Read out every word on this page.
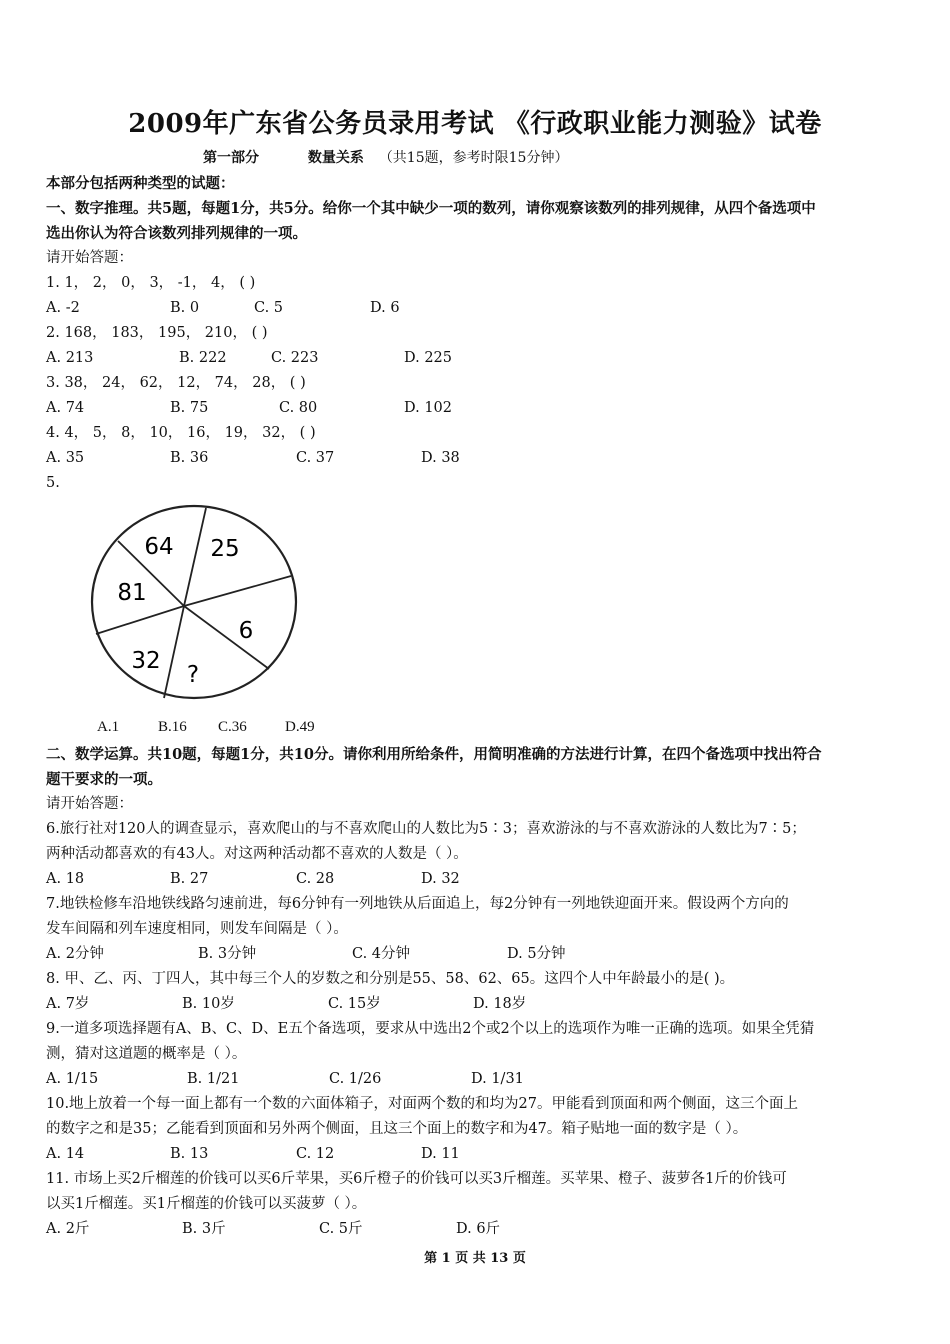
2009年广东省公务员录用考试 《行政职业能力测验》试卷
第一部分	数量关系 （共15题，参考时限15分钟）
本部分包括两种类型的试题：
一、数字推理。共5题，每题1分，共5分。给你一个其中缺少一项的数列，请你观察该数列的排列规律，从四个备选项中
选出你认为符合该数列排列规律的一项。
请开始答题：
1. 1， 2， 0， 3， -1， 4， ( )
A. -2	B. 0	C. 5	D. 6
2. 168， 183， 195， 210， ( )
A. 213	B. 222	C. 223	D. 225
3. 38， 24， 62， 12， 74， 28， ( )
A. 74	B. 75	C. 80	D. 102
4. 4， 5， 8， 10， 16， 19， 32， ( )
A. 35	B. 36	C. 37	D. 38
5.
64 25
81
6
32
?
A.1	B.16 C.36	D.49
二、数学运算。共10题，每题1分，共10分。请你利用所给条件，用简明准确的方法进行计算，在四个备选项中找出符合
题干要求的一项。
请开始答题：
6.旅行社对120人的调查显示，喜欢爬山的与不喜欢爬山的人数比为5∶3；喜欢游泳的与不喜欢游泳的人数比为7∶5；
两种活动都喜欢的有43人。对这两种活动都不喜欢的人数是（ ）。
A. 18	B. 27	C. 28	D. 32
7.地铁检修车沿地铁线路匀速前进，每6分钟有一列地铁从后面追上，每2分钟有一列地铁迎面开来。假设两个方向的
发车间隔和列车速度相同，则发车间隔是（ ）。
A. 2分钟	B. 3分钟	C. 4分钟	D. 5分钟
8. 甲、乙、丙、丁四人，其中每三个人的岁数之和分别是55、58、62、65。这四个人中年龄最小的是( )。
A. 7岁	B. 10岁	C. 15岁	D. 18岁
9.一道多项选择题有A、B、C、D、E五个备选项，要求从中选出2个或2个以上的选项作为唯一正确的选项。如果全凭猜
测，猜对这道题的概率是（ ）。
A. 1/15	B. 1/21	C. 1/26	D. 1/31
10.地上放着一个每一面上都有一个数的六面体箱子，对面两个数的和均为27。甲能看到顶面和两个侧面，这三个面上
的数字之和是35；乙能看到顶面和另外两个侧面，且这三个面上的数字和为47。箱子贴地一面的数字是（ ）。
A. 14	B. 13	C. 12	D. 11
11. 市场上买2斤榴莲的价钱可以买6斤苹果，买6斤橙子的价钱可以买3斤榴莲。买苹果、橙子、菠萝各1斤的价钱可
以买1斤榴莲。买1斤榴莲的价钱可以买菠萝（ ）。
A. 2斤	B. 3斤	C. 5斤	D. 6斤
第 1 页 共 13 页
